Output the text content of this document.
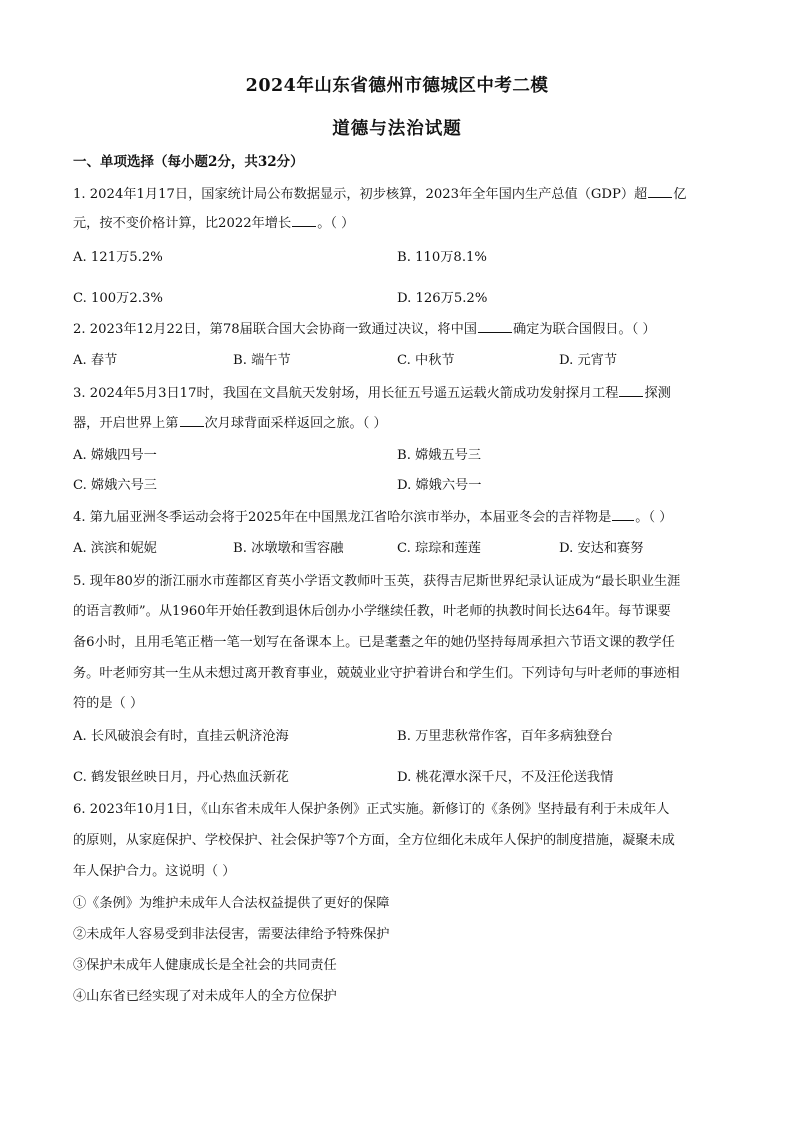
2024年山东省德州市德城区中考二模
道德与法治试题
一、单项选择（每小题2分，共32分）
1. 2024年1月17日，国家统计局公布数据显示，初步核算，2023年全年国内生产总值（GDP）超 亿
元，按不变价格计算，比2022年增长 。（ ）
A. 121万5.2%	B. 110万8.1%
C. 100万2.3%	D. 126万5.2%
2. 2023年12月22日，第78届联合国大会协商一致通过决议，将中国	确定为联合国假日。（ ）
A. 春节	B. 端午节	C. 中秋节	D. 元宵节
3. 2024年5月3日17时，我国在文昌航天发射场，用长征五号遥五运载火箭成功发射探月工程 探测
器，开启世界上第 次月球背面采样返回之旅。（ ）
A. 嫦娥四号一	B. 嫦娥五号三
C. 嫦娥六号三	D. 嫦娥六号一
4. 第九届亚洲冬季运动会将于2025年在中国黑龙江省哈尔滨市举办，本届亚冬会的吉祥物是 。（ ）
A. 滨滨和妮妮	B. 冰墩墩和雪容融	C. 琮琮和莲莲	D. 安达和赛努
5. 现年80岁的浙江丽水市莲都区育英小学语文教师叶玉英，获得吉尼斯世界纪录认证成为“最长职业生涯
的语言教师”。从1960年开始任教到退休后创办小学继续任教，叶老师的执教时间长达64年。每节课要
备6小时，且用毛笔正楷一笔一划写在备课本上。已是耄耋之年的她仍坚持每周承担六节语文课的教学任
务。叶老师穷其一生从未想过离开教育事业，兢兢业业守护着讲台和学生们。下列诗句与叶老师的事迹相
符的是（ ）
A. 长风破浪会有时，直挂云帆济沧海	B. 万里悲秋常作客，百年多病独登台
C. 鹤发银丝映日月，丹心热血沃新花	D. 桃花潭水深千尺，不及汪伦送我情
6. 2023年10月1日，《山东省未成年人保护条例》正式实施。新修订的《条例》坚持最有利于未成年人
的原则，从家庭保护、学校保护、社会保护等7个方面，全方位细化未成年人保护的制度措施，凝聚未成
年人保护合力。这说明（ ）
①《条例》为维护未成年人合法权益提供了更好的保障
②未成年人容易受到非法侵害，需要法律给予特殊保护
③保护未成年人健康成长是全社会的共同责任
④山东省已经实现了对未成年人的全方位保护
